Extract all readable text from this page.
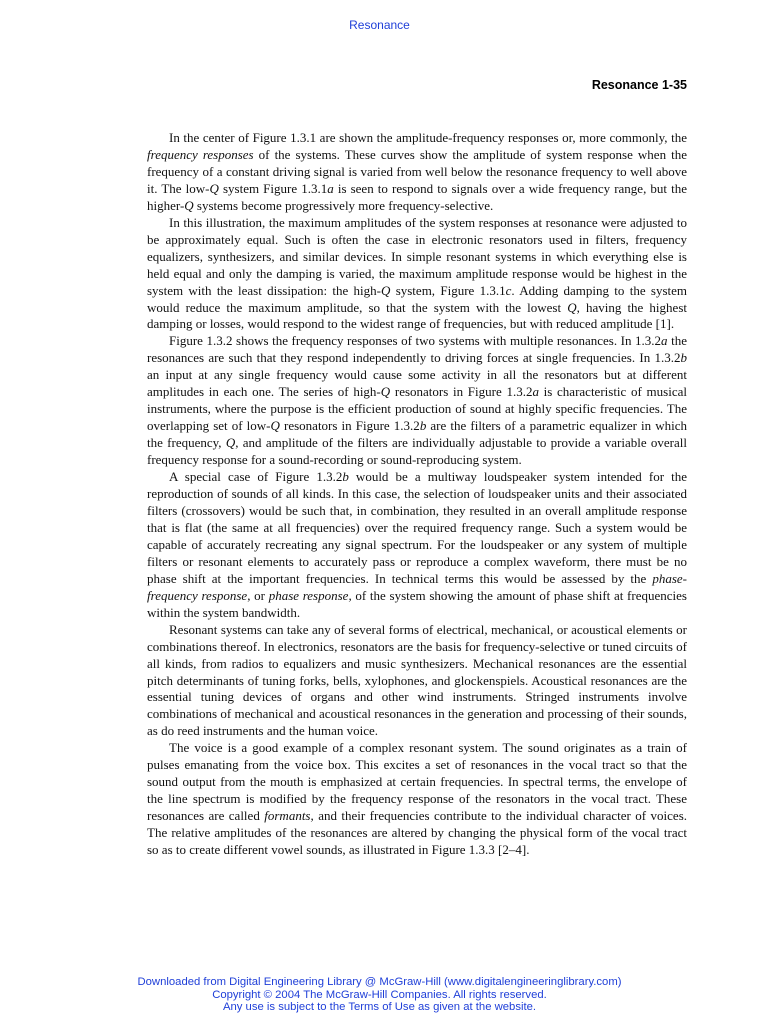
Resonance
Resonance 1-35

In the center of Figure 1.3.1 are shown the amplitude-frequency responses or, more commonly, the frequency responses of the systems. These curves show the amplitude of system response when the frequency of a constant driving signal is varied from well below the resonance frequency to well above it. The low-Q system Figure 1.3.1a is seen to respond to signals over a wide frequency range, but the higher-Q systems become progressively more frequency-selective.

In this illustration, the maximum amplitudes of the system responses at resonance were adjusted to be approximately equal. Such is often the case in electronic resonators used in filters, frequency equalizers, synthesizers, and similar devices. In simple resonant systems in which everything else is held equal and only the damping is varied, the maximum amplitude response would be highest in the system with the least dissipation: the high-Q system, Figure 1.3.1c. Adding damping to the system would reduce the maximum amplitude, so that the system with the lowest Q, having the highest damping or losses, would respond to the widest range of frequencies, but with reduced amplitude [1].

Figure 1.3.2 shows the frequency responses of two systems with multiple resonances. In 1.3.2a the resonances are such that they respond independently to driving forces at single frequencies. In 1.3.2b an input at any single frequency would cause some activity in all the resonators but at different amplitudes in each one. The series of high-Q resonators in Figure 1.3.2a is characteristic of musical instruments, where the purpose is the efficient production of sound at highly specific frequencies. The overlapping set of low-Q resonators in Figure 1.3.2b are the filters of a parametric equalizer in which the frequency, Q, and amplitude of the filters are individually adjustable to provide a variable overall frequency response for a sound-recording or sound-reproducing system.

A special case of Figure 1.3.2b would be a multiway loudspeaker system intended for the reproduction of sounds of all kinds. In this case, the selection of loudspeaker units and their associated filters (crossovers) would be such that, in combination, they resulted in an overall amplitude response that is flat (the same at all frequencies) over the required frequency range. Such a system would be capable of accurately recreating any signal spectrum. For the loudspeaker or any system of multiple filters or resonant elements to accurately pass or reproduce a complex waveform, there must be no phase shift at the important frequencies. In technical terms this would be assessed by the phase-frequency response, or phase response, of the system showing the amount of phase shift at frequencies within the system bandwidth.

Resonant systems can take any of several forms of electrical, mechanical, or acoustical elements or combinations thereof. In electronics, resonators are the basis for frequency-selective or tuned circuits of all kinds, from radios to equalizers and music synthesizers. Mechanical resonances are the essential pitch determinants of tuning forks, bells, xylophones, and glockenspiels. Acoustical resonances are the essential tuning devices of organs and other wind instruments. Stringed instruments involve combinations of mechanical and acoustical resonances in the generation and processing of their sounds, as do reed instruments and the human voice.

The voice is a good example of a complex resonant system. The sound originates as a train of pulses emanating from the voice box. This excites a set of resonances in the vocal tract so that the sound output from the mouth is emphasized at certain frequencies. In spectral terms, the envelope of the line spectrum is modified by the frequency response of the resonators in the vocal tract. These resonances are called formants, and their frequencies contribute to the individual character of voices. The relative amplitudes of the resonances are altered by changing the physical form of the vocal tract so as to create different vowel sounds, as illustrated in Figure 1.3.3 [2–4].

Downloaded from Digital Engineering Library @ McGraw-Hill (www.digitalengineeringlibrary.com)
Copyright © 2004 The McGraw-Hill Companies. All rights reserved.
Any use is subject to the Terms of Use as given at the website.
